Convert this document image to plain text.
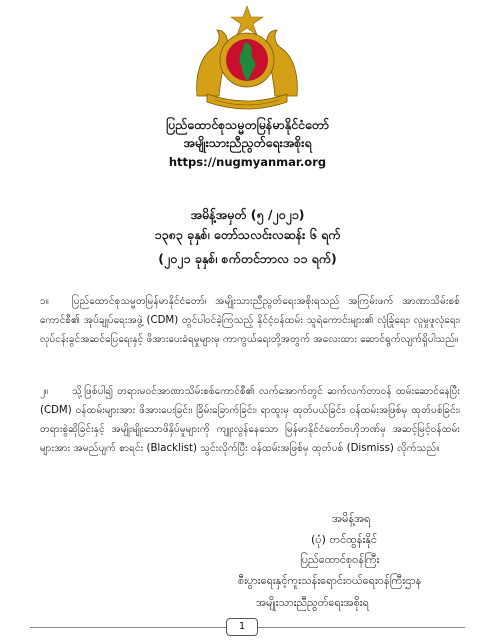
ပြည်ထောင်စုသမ္မတမြန်မာနိုင်ငံတော်
အမျိုးသားညီညွတ်ရေးအစိုးရ
https://nugmyanmar.org
အမိန့်အမှတ် (၅ /၂၀၂၁)
၁၃၈၃ ခုနှစ်၊ တော်သလင်းလဆန်း ၆ ရက်
(၂၀၂၁ ခုနှစ်၊ စက်တင်ဘာလ ၁၁ ရက်)
၁။ ပြည်ထောင်စုသမ္မတမြန်မာနိုင်ငံတော်၊ အမျိုးသားညီညွတ်ရေးအစိုးရသည် အကြမ်းဖက် အာဏာသိမ်းစစ်ကောင်စီ၏ အုပ်ချုပ်ရေးအဖွဲ့ (CDM) တွင်ပါဝင်ခဲ့ကြသည့် နိုင်ငံ့ဝန်ထမ်း သူရဲကောင်းများ၏ လုံခြုံရေး၊ လူမှုဖူလုံရေး၊ လုပ်ငန်းခွင်အဆင်ပြေရေးနှင့် ဖိအားပေးခံရမှုများမှ ကာကွယ်ရေးတို့အတွက် အလေးထား ဆောင်ရွက်လျက်ရှိပါသည်။
၂။ သို့ဖြစ်ပါ၍ တရားမဝင်အာဏာသိမ်းစစ်ကောင်စီ၏ လက်အောက်တွင် ဆက်လက်တာဝန် ထမ်းဆောင်နေပြီး (CDM) ဝန်ထမ်းများအား ဖိအားပေးခြင်း၊ ခြိမ်းခြောက်ခြင်း၊ ရာထူးမှ ထုတ်ပယ်ခြင်း၊ ဝန်ထမ်းအဖြစ်မှ ထုတ်ပစ်ခြင်း၊ တရားစွဲဆိုခြင်းနှင့် အမျိုးမျိုးသောဖိနှိပ်မှုများကို ကျူးလွန်နေသော မြန်မာနိုင်ငံတော်ဗဟိုဘဏ်မှ အဆင့်မြင့်ဝန်ထမ်းများအား အမည်ပျက် စာရင်း (Blacklist) သွင်းလိုက်ပြီး ဝန်ထမ်းအဖြစ်မှ ထုတ်ပစ် (Dismiss) လိုက်သည်။
အမိန့်အရ
(ပုံ) တင်ထွန်းနိုင်
ပြည်ထောင်စုဝန်ကြီး
စီးပွားရေးနှင့်ကူးသန်းရောင်းဝယ်ရေးဝန်ကြီးဌာန
အမျိုးသားညီညွတ်ရေးအစိုးရ
1
